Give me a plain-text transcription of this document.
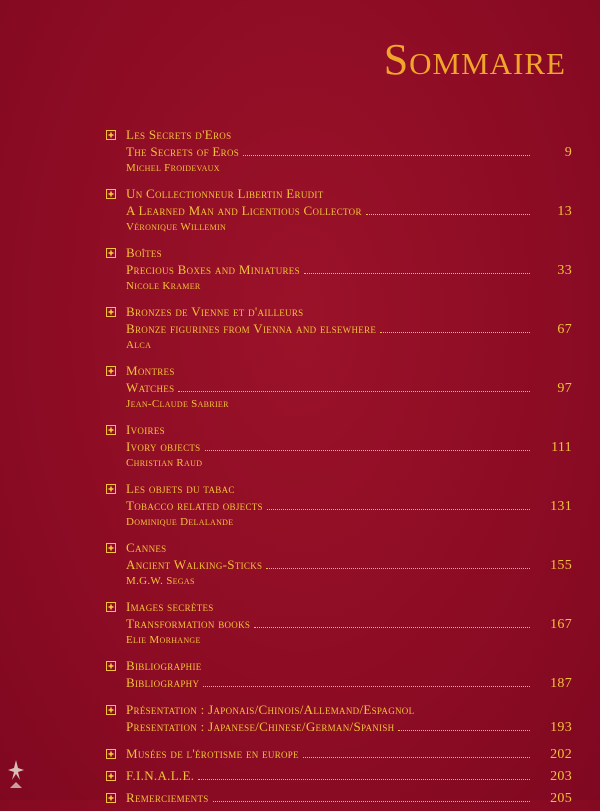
Sommaire
Les Secrets d'Eros
The Secrets of Eros	9
Michel Froidevaux
Un Collectionneur Libertin Erudit
A Learned Man and Licentious Collector	13
Véronique Willemin
Boîtes
Precious Boxes and Miniatures	33
Nicole Kramer
Bronzes de Vienne et d'ailleurs
Bronze figurines from Vienna and elsewhere	67
Alca
Montres
Watches	97
Jean-Claude Sabrier
Ivoires
Ivory objects	111
Christian Raud
Les objets du tabac
Tobacco related objects	131
Dominique Delalande
Cannes
Ancient Walking-Sticks	155
M.G.W. Segas
Images secrètes
Transformation books	167
Elie Morhange
Bibliographie
Bibliography	187
Présentation : Japonais/Chinois/Allemand/Espagnol
Presentation : Japanese/Chinese/German/Spanish	193
Musées de l'érotisme en europe	202
F.I.N.A.L.E.	203
Remerciements	205
